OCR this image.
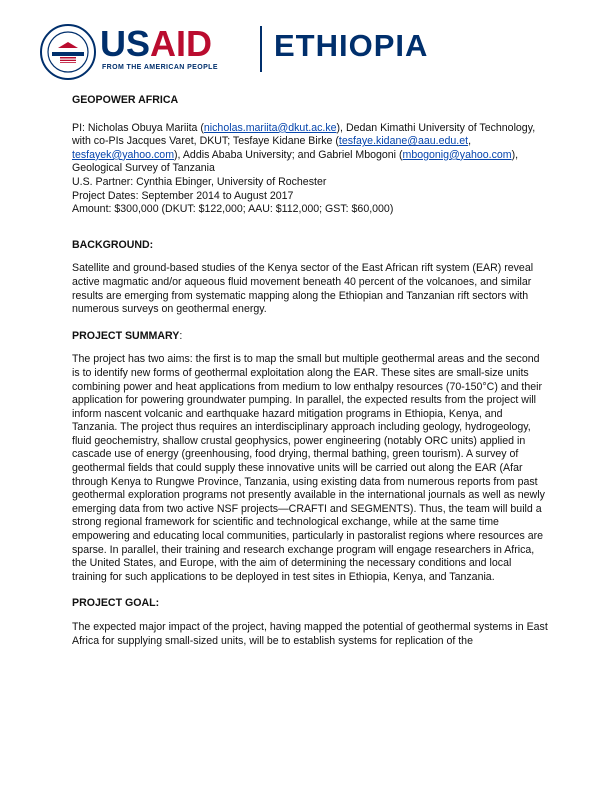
USAID
FROM THE AMERICAN PEOPLE
ETHIOPIA

GEOPOWER AFRICA

PI: Nicholas Obuya Mariita (nicholas.mariita@dkut.ac.ke), Dedan Kimathi University of Technology, with co-PIs Jacques Varet, DKUT; Tesfaye Kidane Birke (tesfaye.kidane@aau.edu.et, tesfayek@yahoo.com), Addis Ababa University; and Gabriel Mbogoni (mbogonig@yahoo.com), Geological Survey of Tanzania

U.S. Partner: Cynthia Ebinger, University of Rochester

Project Dates: September 2014 to August 2017

Amount: $300,000 (DKUT: $122,000; AAU: $112,000; GST: $60,000)

BACKGROUND:

Satellite and ground-based studies of the Kenya sector of the East African rift system (EAR) reveal active magmatic and/or aqueous fluid movement beneath 40 percent of the volcanoes, and similar results are emerging from systematic mapping along the Ethiopian and Tanzanian rift sectors with numerous surveys on geothermal energy.

PROJECT SUMMARY:

The project has two aims: the first is to map the small but multiple geothermal areas and the second is to identify new forms of geothermal exploitation along the EAR. These sites are small-size units combining power and heat applications from medium to low enthalpy resources (70-150°C) and their application for powering groundwater pumping. In parallel, the expected results from the project will inform nascent volcanic and earthquake hazard mitigation programs in Ethiopia, Kenya, and Tanzania. The project thus requires an interdisciplinary approach including geology, hydrogeology, fluid geochemistry, shallow crustal geophysics, power engineering (notably ORC units) applied in cascade use of energy (greenhousing, food drying, thermal bathing, green tourism). A survey of geothermal fields that could supply these innovative units will be carried out along the EAR (Afar through Kenya to Rungwe Province, Tanzania, using existing data from numerous reports from past geothermal exploration programs not presently available in the international journals as well as newly emerging data from two active NSF projects—CRAFTI and SEGMENTS). Thus, the team will build a strong regional framework for scientific and technological exchange, while at the same time empowering and educating local communities, particularly in pastoralist regions where resources are sparse. In parallel, their training and research exchange program will engage researchers in Africa, the United States, and Europe, with the aim of determining the necessary conditions and local training for such applications to be deployed in test sites in Ethiopia, Kenya, and Tanzania.

PROJECT GOAL:

The expected major impact of the project, having mapped the potential of geothermal systems in East Africa for supplying small-sized units, will be to establish systems for replication of the
